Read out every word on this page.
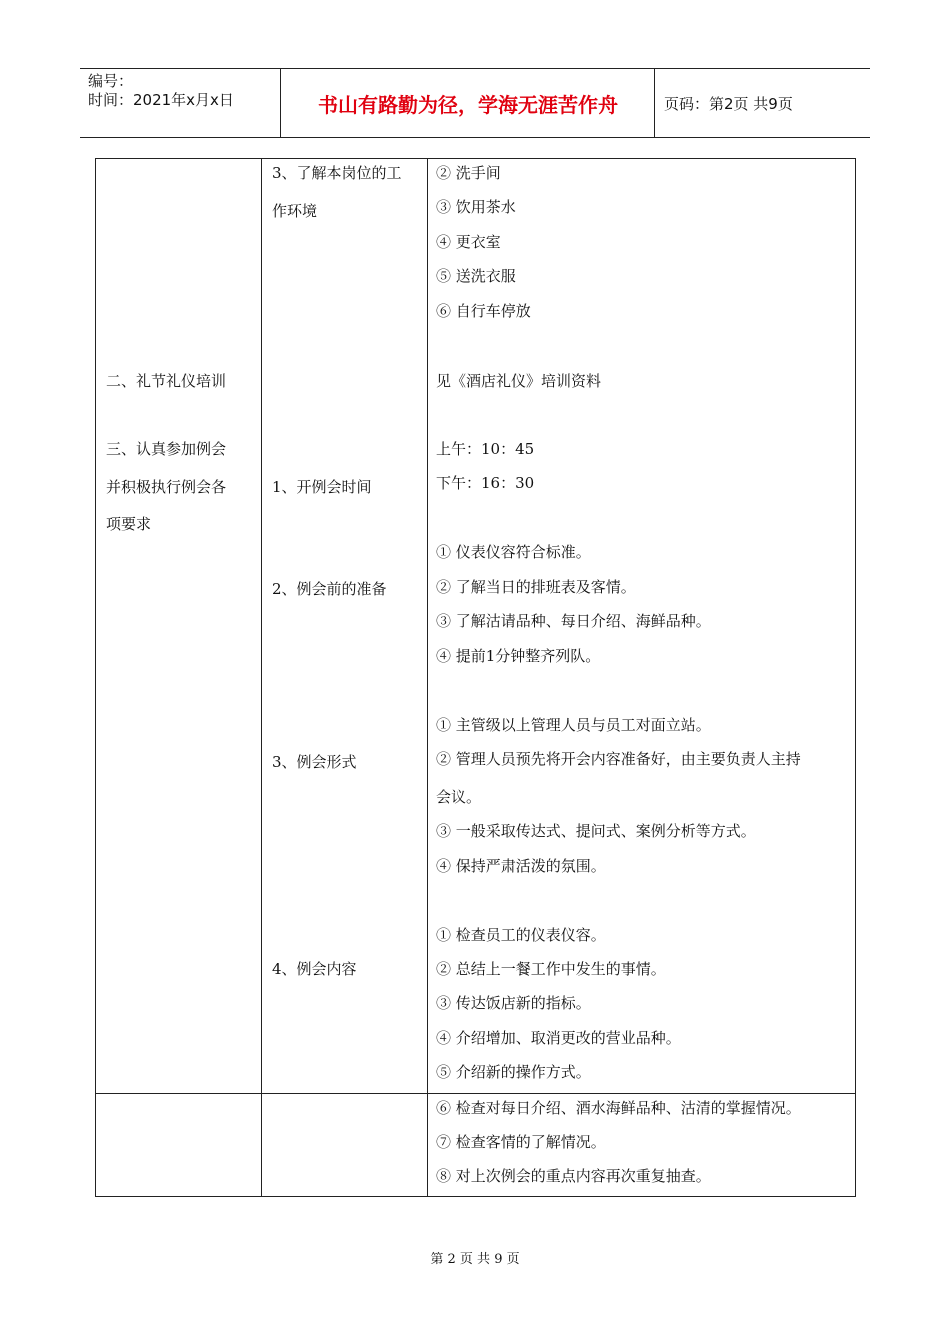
编号：
时间：2021年x月x日	书山有路勤为径，学海无涯苦作舟	页码：第2页 共9页
二、礼节礼仪培训
三、认真参加例会
并积极执行例会各
项要求
3、了解本岗位的工
作环境
1、开例会时间
2、例会前的准备
3、例会形式
4、例会内容
② 洗手间
③ 饮用茶水
④ 更衣室
⑤ 送洗衣服
⑥ 自行车停放
见《酒店礼仪》培训资料
上午：10：45
下午：16：30
① 仪表仪容符合标准。
② 了解当日的排班表及客情。
③ 了解沽请品种、每日介绍、海鲜品种。
④ 提前1分钟整齐列队。
① 主管级以上管理人员与员工对面立站。
② 管理人员预先将开会内容准备好，由主要负责人主持
会议。
③ 一般采取传达式、提问式、案例分析等方式。
④ 保持严肃活泼的氛围。
① 检查员工的仪表仪容。
② 总结上一餐工作中发生的事情。
③ 传达饭店新的指标。
④ 介绍增加、取消更改的营业品种。
⑤ 介绍新的操作方式。
⑥ 检查对每日介绍、酒水海鲜品种、沽清的掌握情况。
⑦ 检查客情的了解情况。
⑧ 对上次例会的重点内容再次重复抽查。
第 2 页 共 9 页
